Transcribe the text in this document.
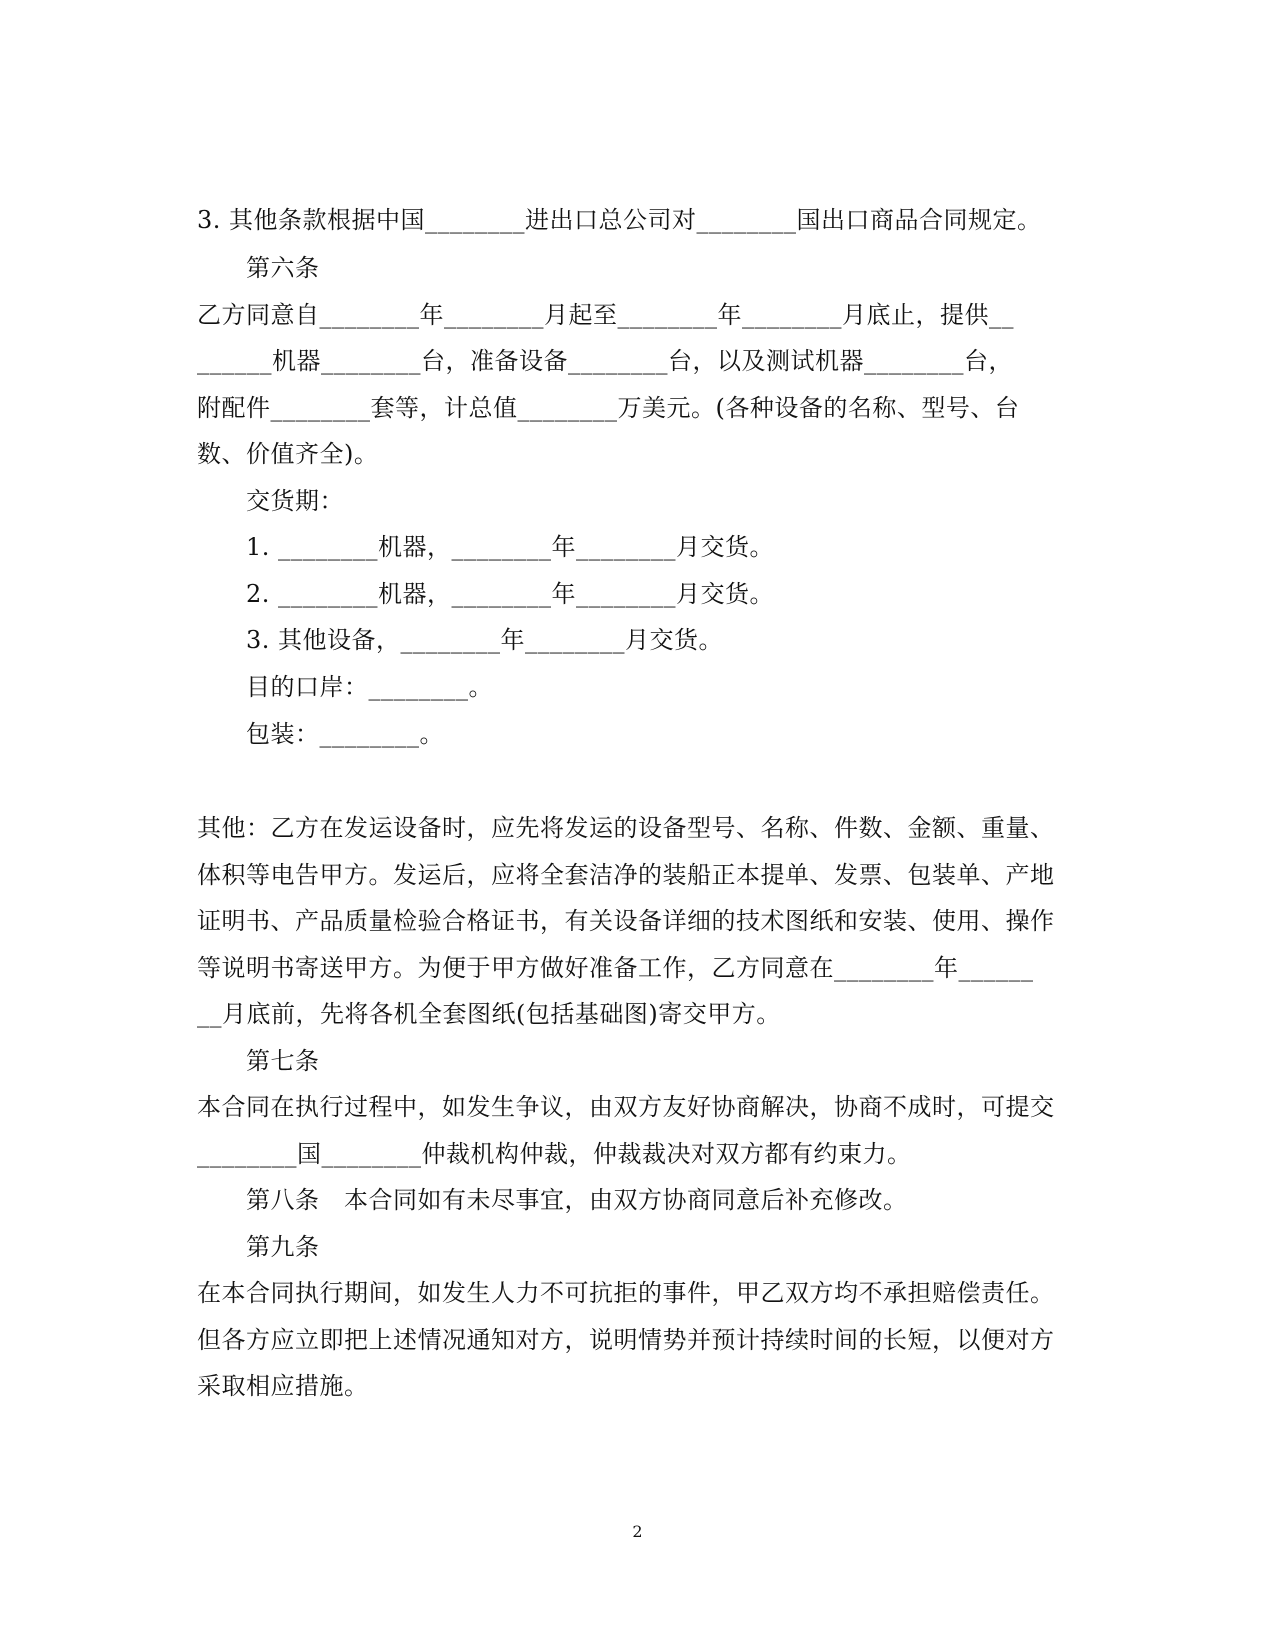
3. 其他条款根据中国________进出口总公司对________国出口商品合同规定。
第六条
乙方同意自________年________月起至________年________月底止，提供__
______机器________台，准备设备________台，以及测试机器________台，
附配件________套等，计总值________万美元。(各种设备的名称、型号、台
数、价值齐全)。
交货期：
1. ________机器，________年________月交货。
2. ________机器，________年________月交货。
3. 其他设备，________年________月交货。
目的口岸：________。
包装：________。
其他：乙方在发运设备时，应先将发运的设备型号、名称、件数、金额、重量、
体积等电告甲方。发运后，应将全套洁净的装船正本提单、发票、包装单、产地
证明书、产品质量检验合格证书，有关设备详细的技术图纸和安装、使用、操作
等说明书寄送甲方。为便于甲方做好准备工作，乙方同意在________年______
__月底前，先将各机全套图纸(包括基础图)寄交甲方。
第七条
本合同在执行过程中，如发生争议，由双方友好协商解决，协商不成时，可提交
________国________仲裁机构仲裁，仲裁裁决对双方都有约束力。
第八条　本合同如有未尽事宜，由双方协商同意后补充修改。
第九条
在本合同执行期间，如发生人力不可抗拒的事件，甲乙双方均不承担赔偿责任。
但各方应立即把上述情况通知对方，说明情势并预计持续时间的长短，以便对方
采取相应措施。
2
